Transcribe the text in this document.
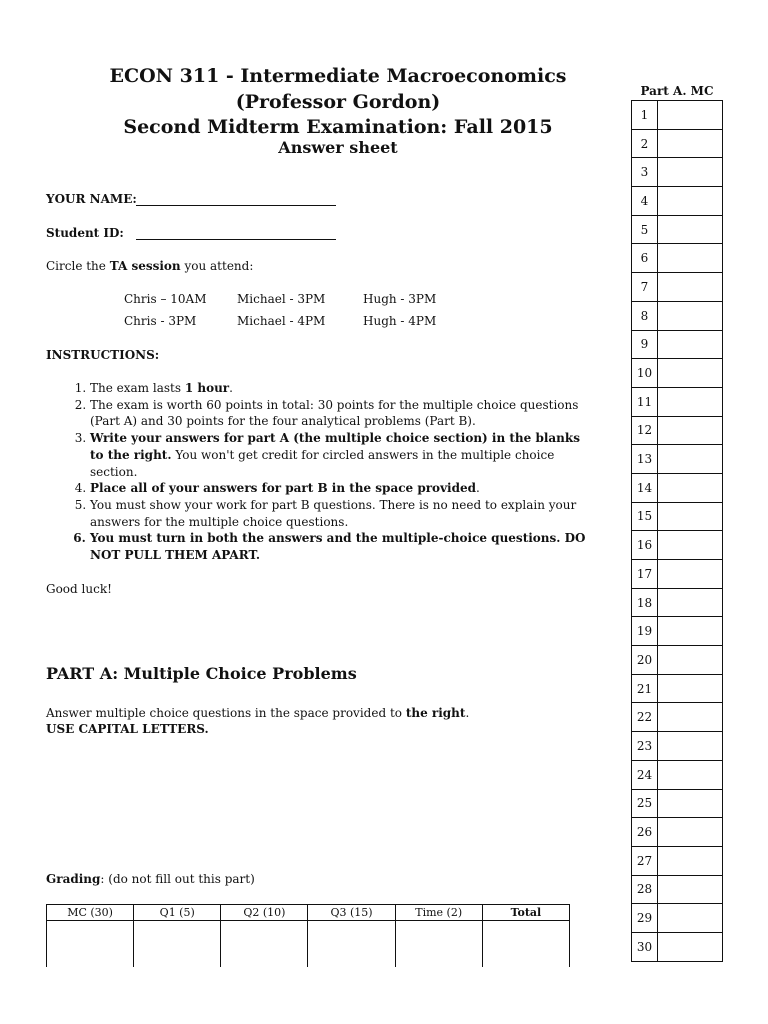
ECON 311 - Intermediate Macroeconomics
(Professor Gordon)
Second Midterm Examination: Fall 2015
Answer sheet
YOUR NAME:
Student ID:
Circle the TA session you attend:
Chris – 10AM	Michael - 3PM	Hugh - 3PM
Chris - 3PM	Michael - 4PM	Hugh - 4PM
INSTRUCTIONS:
1. The exam lasts 1 hour.
2. The exam is worth 60 points in total: 30 points for the multiple choice questions (Part A) and 30 points for the four analytical problems (Part B).
3. Write your answers for part A (the multiple choice section) in the blanks to the right. You won't get credit for circled answers in the multiple choice section.
4. Place all of your answers for part B in the space provided.
5. You must show your work for part B questions. There is no need to explain your answers for the multiple choice questions.
6. You must turn in both the answers and the multiple-choice questions. DO NOT PULL THEM APART.
Good luck!
PART A: Multiple Choice Problems
Answer multiple choice questions in the space provided to the right.
USE CAPITAL LETTERS.
Grading: (do not fill out this part)
MC (30)	Q1 (5)	Q2 (10)	Q3 (15)	Time (2)	Total

Part A. MC
1	
2	
3	
4	
5	
6	
7	
8	
9	
10	
11	
12	
13	
14	
15	
16	
17	
18	
19	
20	
21	
22	
23	
24	
25	
26	
27	
28	
29	
30	
